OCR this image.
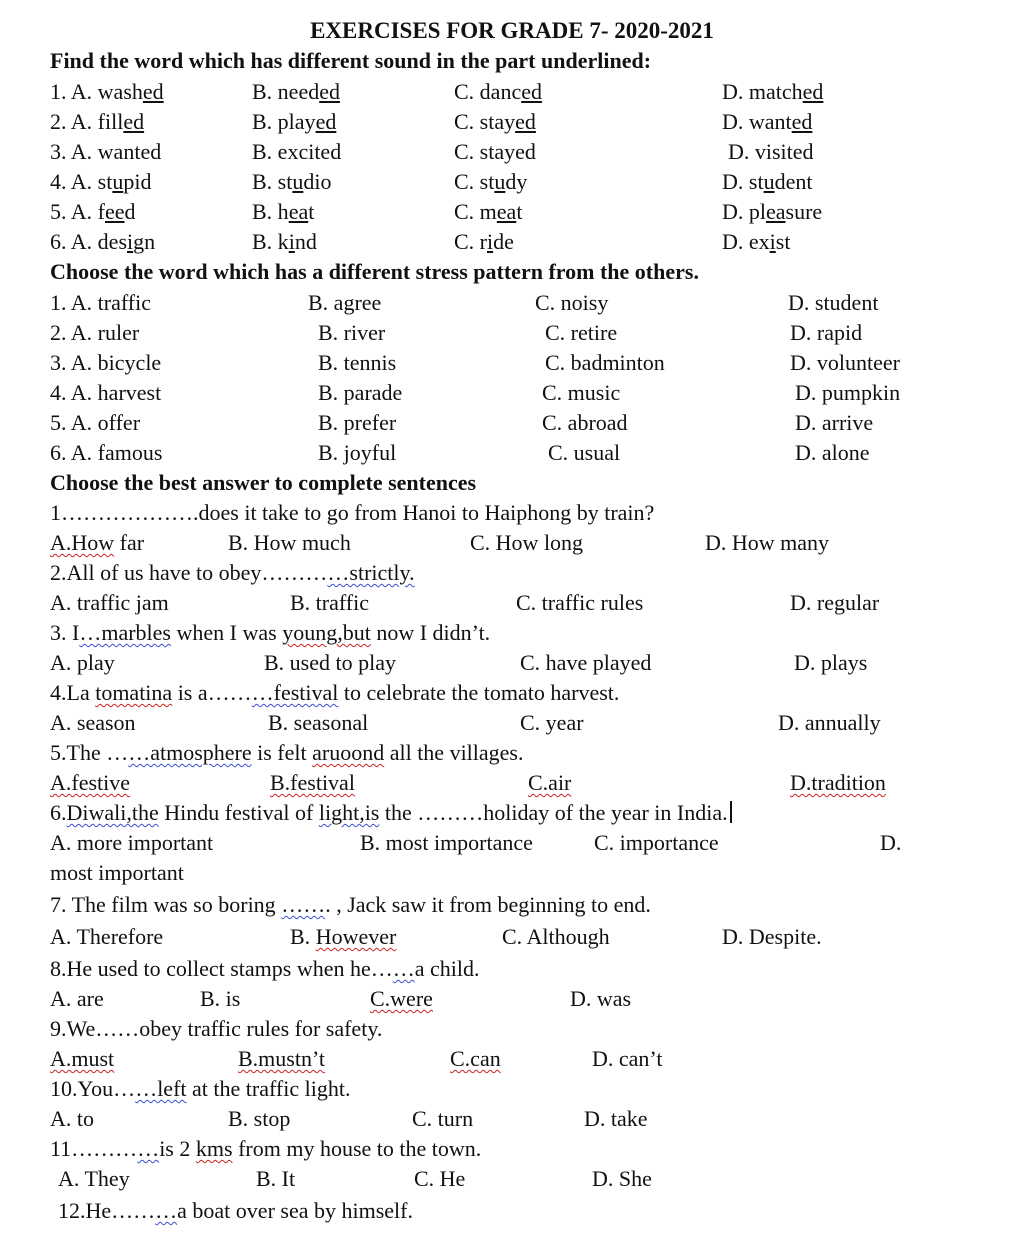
EXERCISES FOR GRADE 7- 2020-2021
Find the word which has different sound in the part underlined:
1. A. washed	B. needed	C. danced	D. matched
2. A. filled	B. played	C. stayed	D. wanted
3. A. wanted	B. excited	C. stayed	D. visited
4. A. stupid	B. studio	C. study	D. student
5. A. feed	B. heat	C. meat	D. pleasure
6. A. design	B. kind	C. ride	D. exist
Choose the word which has a different stress pattern from the others.
1. A. traffic	B. agree	C. noisy	D. student
2. A. ruler	B. river	C. retire	D. rapid
3. A. bicycle	B. tennis	C. badminton	D. volunteer
4. A. harvest	B. parade	C. music	D. pumpkin
5. A. offer	B. prefer	C. abroad	D. arrive
6. A. famous	B. joyful	C. usual	D. alone
Choose the best answer to complete sentences
1……………….does it take to go from Hanoi to Haiphong by train?
A.How far	B. How much	C. How long	D. How many
2.All of us have to obey…………strictly.
A. traffic jam	B. traffic	C. traffic rules	D. regular
3. I…marbles when I was young,but now I didn’t.
A. play	B. used to play	C. have played	D. plays
4.La tomatina is a………festival to celebrate the tomato harvest.
A. season	B. seasonal	C. year	D. annually
5.The ……atmosphere is felt aruoond all the villages.
A.festive	B.festival	C.air	D.tradition
6.Diwali,the Hindu festival of light,is the ………holiday of the year in India.
A. more important	B. most importance	C. importance	D.
most important
7. The film was so boring ……. , Jack saw it from beginning to end.
A. Therefore	B. However	C. Although	D. Despite.
8.He used to collect stamps when he……a child.
A. are	B. is	C.were	D. was
9.We……obey traffic rules for safety.
A.must	B.mustn’t	C.can	D. can’t
10.You……left at the traffic light.
A. to	B. stop	C. turn	D. take
11…………is 2 kms from my house to the town.
A. They	B. It	C. He	D. She
12.He………a boat over sea by himself.
